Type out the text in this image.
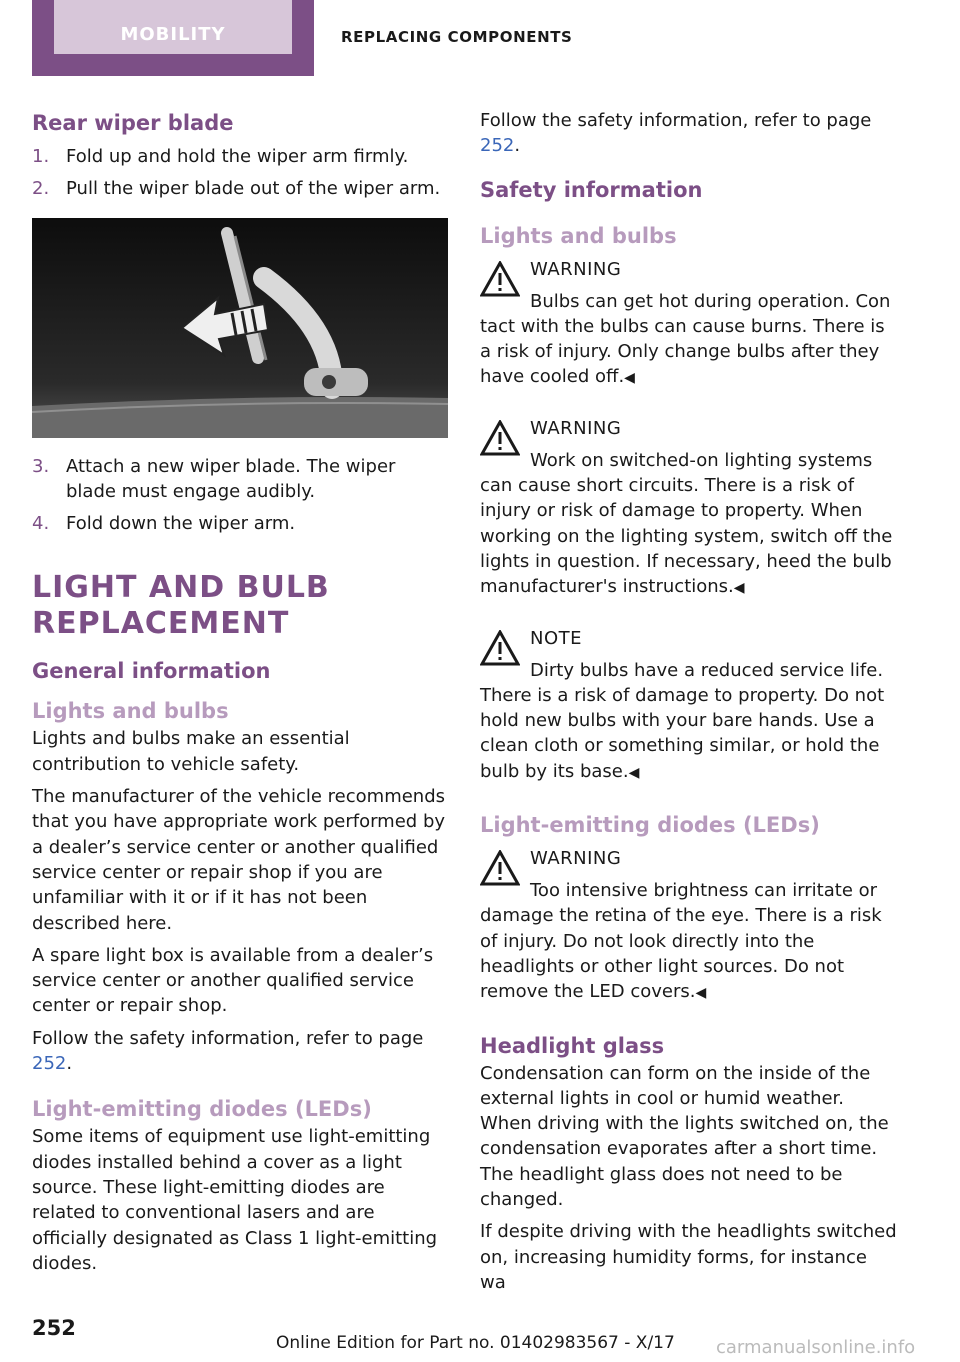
MOBILITY	REPLACING COMPONENTS
Rear wiper blade
1. Fold up and hold the wiper arm firmly.
2. Pull the wiper blade out of the wiper arm.
3. Attach a new wiper blade. The wiper blade must engage audibly.
4. Fold down the wiper arm.
LIGHT AND BULB REPLACEMENT
General information
Lights and bulbs

Lights and bulbs make an essential contribution to vehicle safety.

The manufacturer of the vehicle recommends that you have appropriate work performed by a dealer’s service center or another qualified service center or repair shop if you are unfamiliar with it or if it has not been described here.

A spare light box is available from a dealer’s service center or another qualified service center or repair shop.

Follow the safety information, refer to page 252.

Light-emitting diodes (LEDs)

Some items of equipment use light-emitting diodes installed behind a cover as a light source. These light-emitting diodes are related to conventional lasers and are officially designated as Class 1 light-emitting diodes.

Follow the safety information, refer to page 252.

Safety information
Lights and bulbs
WARNING
Bulbs can get hot during operation. Con
tact with the bulbs can cause burns. There is a risk of injury. Only change bulbs after they have cooled off.◀
WARNING
Work on switched-on lighting systems
can cause short circuits. There is a risk of injury or risk of damage to property. When working on the lighting system, switch off the lights in question. If necessary, heed the bulb manufacturer's instructions.◀
NOTE
Dirty bulbs have a reduced service life.
There is a risk of damage to property. Do not hold new bulbs with your bare hands. Use a clean cloth or something similar, or hold the bulb by its base.◀
Light-emitting diodes (LEDs)
WARNING
Too intensive brightness can irritate or
damage the retina of the eye. There is a risk of injury. Do not look directly into the headlights or other light sources. Do not remove the LED covers.◀
Headlight glass

Condensation can form on the inside of the external lights in cool or humid weather. When driving with the lights switched on, the condensation evaporates after a short time. The headlight glass does not need to be changed.

If despite driving with the headlights switched on, increasing humidity forms, for instance wa

252
Online Edition for Part no. 01402983567 - X/17 carmanualsonline.info
